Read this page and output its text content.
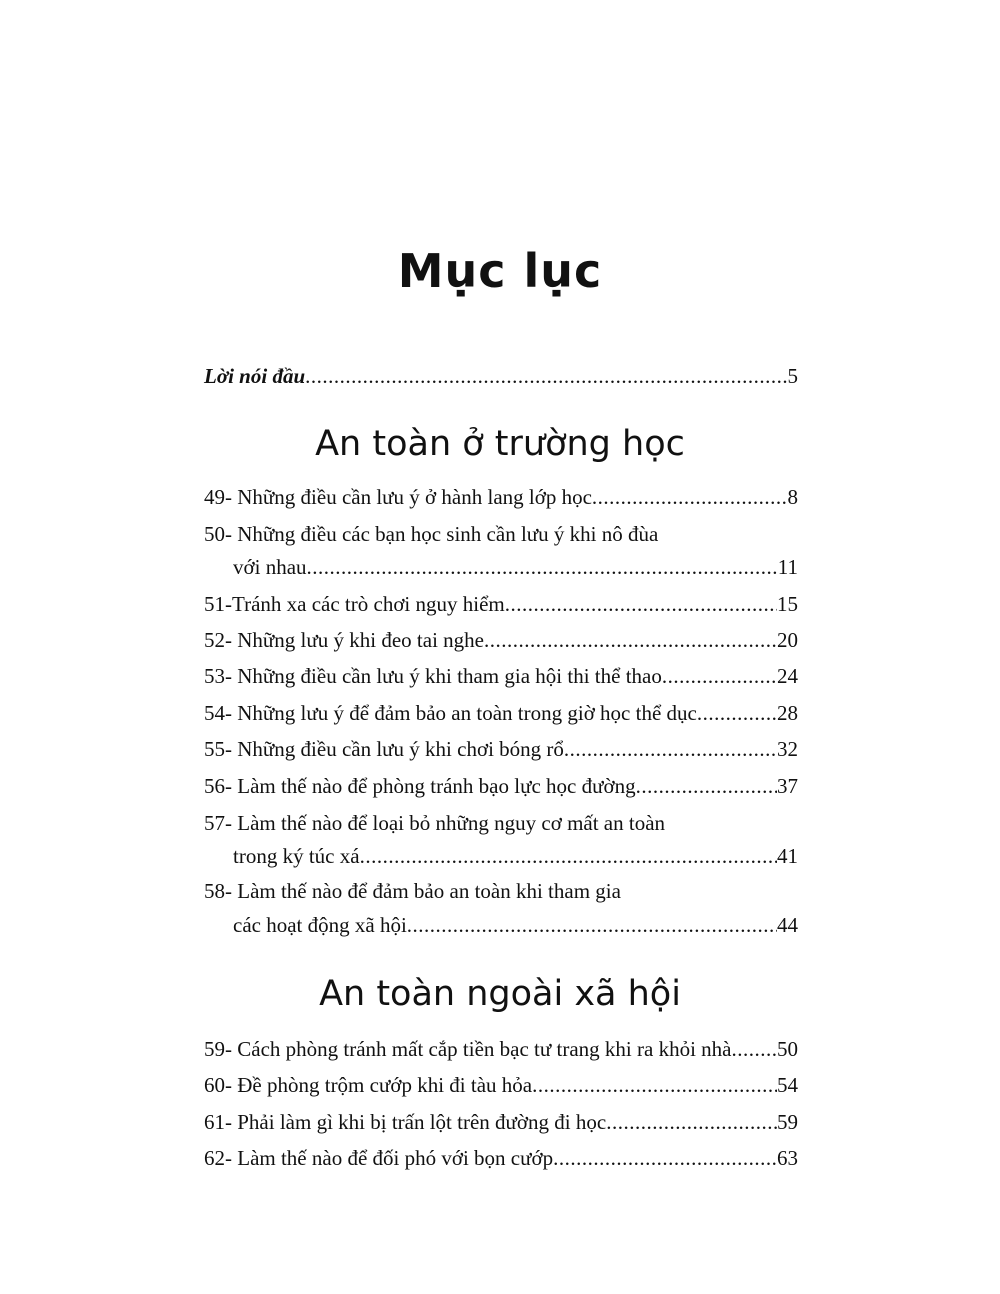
Mục lục
Lời nói đầu .....	5
An toàn ở trường học
49- Những điều cần lưu ý ở hành lang lớp học .....	8
50- Những điều các bạn học sinh cần lưu ý khi nô đùa
với nhau .....	11
51-Tránh xa các trò chơi nguy hiểm .....	15
52- Những lưu ý khi đeo tai nghe .....	20
53- Những điều cần lưu ý khi tham gia hội thi thể thao .....	24
54- Những lưu ý để đảm bảo an toàn trong giờ học thể dục .....	28
55- Những điều cần lưu ý khi chơi bóng rổ .....	32
56- Làm thế nào để phòng tránh bạo lực học đường .....	37
57- Làm thế nào để loại bỏ những nguy cơ mất an toàn
trong ký túc xá .....	41
58- Làm thế nào để đảm bảo an toàn khi tham gia
các hoạt động xã hội .....	44
An toàn ngoài xã hội
59- Cách phòng tránh mất cắp tiền bạc tư trang khi ra khỏi nhà ..... 50
60- Đề phòng trộm cướp khi đi tàu hỏa .....	54
61- Phải làm gì khi bị trấn lột trên đường đi học .....	59
62- Làm thế nào để đối phó với bọn cướp .....	63
